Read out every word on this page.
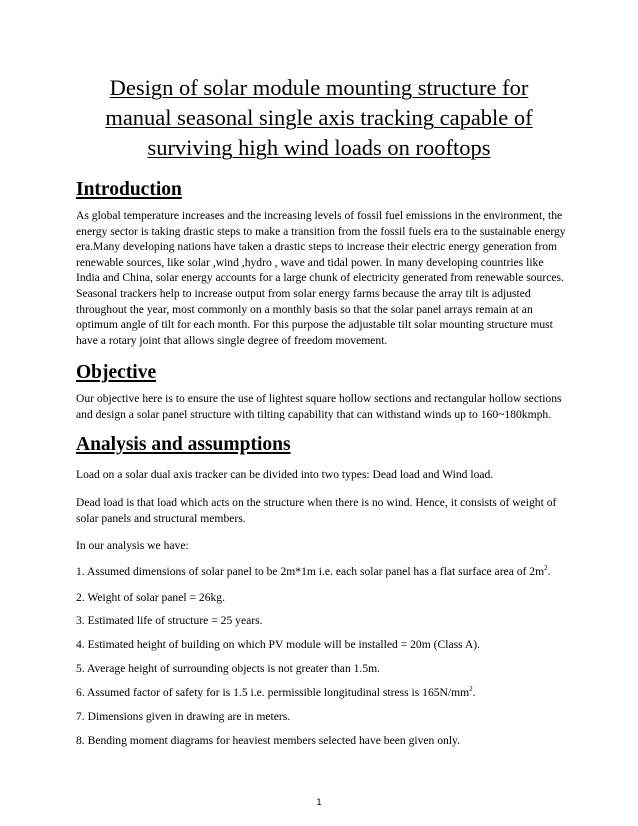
Design of solar module mounting structure for
manual seasonal single axis tracking capable of
surviving high wind loads on rooftops
Introduction
As global temperature increases and the increasing levels of fossil fuel emissions in the environment, the
energy sector is taking drastic steps to make a transition from the fossil fuels era to the sustainable energy
era.Many developing nations have taken a drastic steps to increase their electric energy generation from
renewable sources, like solar ,wind ,hydro , wave and tidal power. In many developing countries like
India and China, solar energy accounts for a large chunk of electricity generated from renewable sources.
Seasonal trackers help to increase output from solar energy farms because the array tilt is adjusted
throughout the year, most commonly on a monthly basis so that the solar panel arrays remain at an
optimum angle of tilt for each month. For this purpose the adjustable tilt solar mounting structure must
have a rotary joint that allows single degree of freedom movement.
Objective
Our objective here is to ensure the use of lightest square hollow sections and rectangular hollow sections
and design a solar panel structure with tilting capability that can withstand winds up to 160~180kmph.
Analysis and assumptions

Load on a solar dual axis tracker can be divided into two types: Dead load and Wind load.

Dead load is that load which acts on the structure when there is no wind. Hence, it consists of weight of
solar panels and structural members.

In our analysis we have:

1. Assumed dimensions of solar panel to be 2m*1m i.e. each solar panel has a flat surface area of $2m^2$.

2. Weight of solar panel = 26kg.

3. Estimated life of structure = 25 years.

4. Estimated height of building on which PV module will be installed = 20m (Class A).

5. Average height of surrounding objects is not greater than 1.5m.

6. Assumed factor of safety for is 1.5 i.e. permissible longitudinal stress is $165N/mm^2$.

7. Dimensions given in drawing are in meters.

8. Bending moment diagrams for heaviest members selected have been given only.

1
